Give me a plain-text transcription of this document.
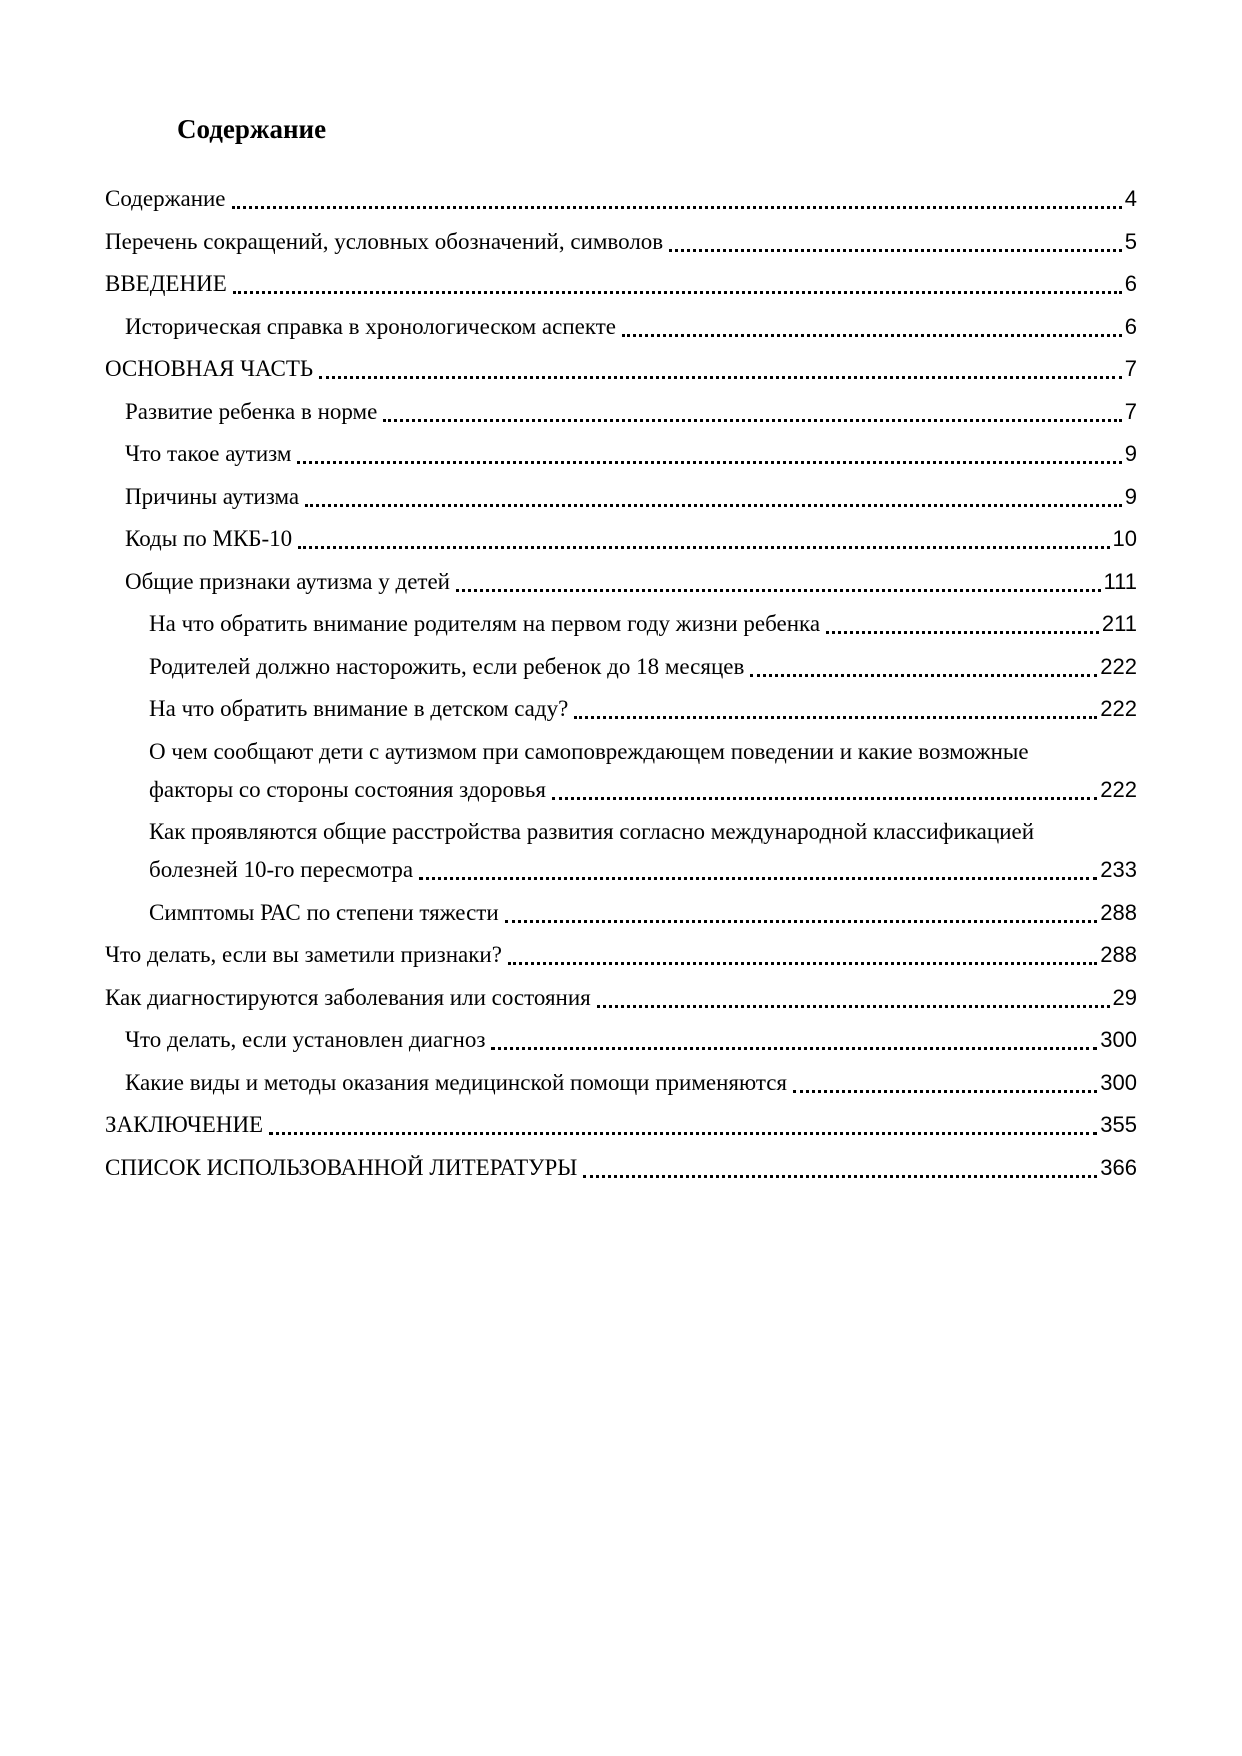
Содержание
Содержание	4
Перечень сокращений, условных обозначений, символов	5
ВВЕДЕНИЕ	6
Историческая справка в хронологическом аспекте	6
ОСНОВНАЯ ЧАСТЬ	7
Развитие ребенка в норме	7
Что такое аутизм	9
Причины аутизма	9
Коды по МКБ-10	10
Общие признаки аутизма у детей	111
На что обратить внимание родителям на первом году жизни ребенка	211
Родителей должно насторожить, если ребенок до 18 месяцев	222
На что обратить внимание в детском саду?	222
О чем сообщают дети с аутизмом при самоповреждающем поведении и какие возможные
факторы со стороны состояния здоровья	222
Как проявляются общие расстройства развития согласно международной классификацией
болезней 10-го пересмотра	233
Симптомы РАС по степени тяжести	288
Что делать, если вы заметили признаки?	288
Как диагностируются заболевания или состояния	29
Что делать, если установлен диагноз	300
Какие виды и методы оказания медицинской помощи применяются	300
ЗАКЛЮЧЕНИЕ	355
СПИСОК ИСПОЛЬЗОВАННОЙ ЛИТЕРАТУРЫ	366
